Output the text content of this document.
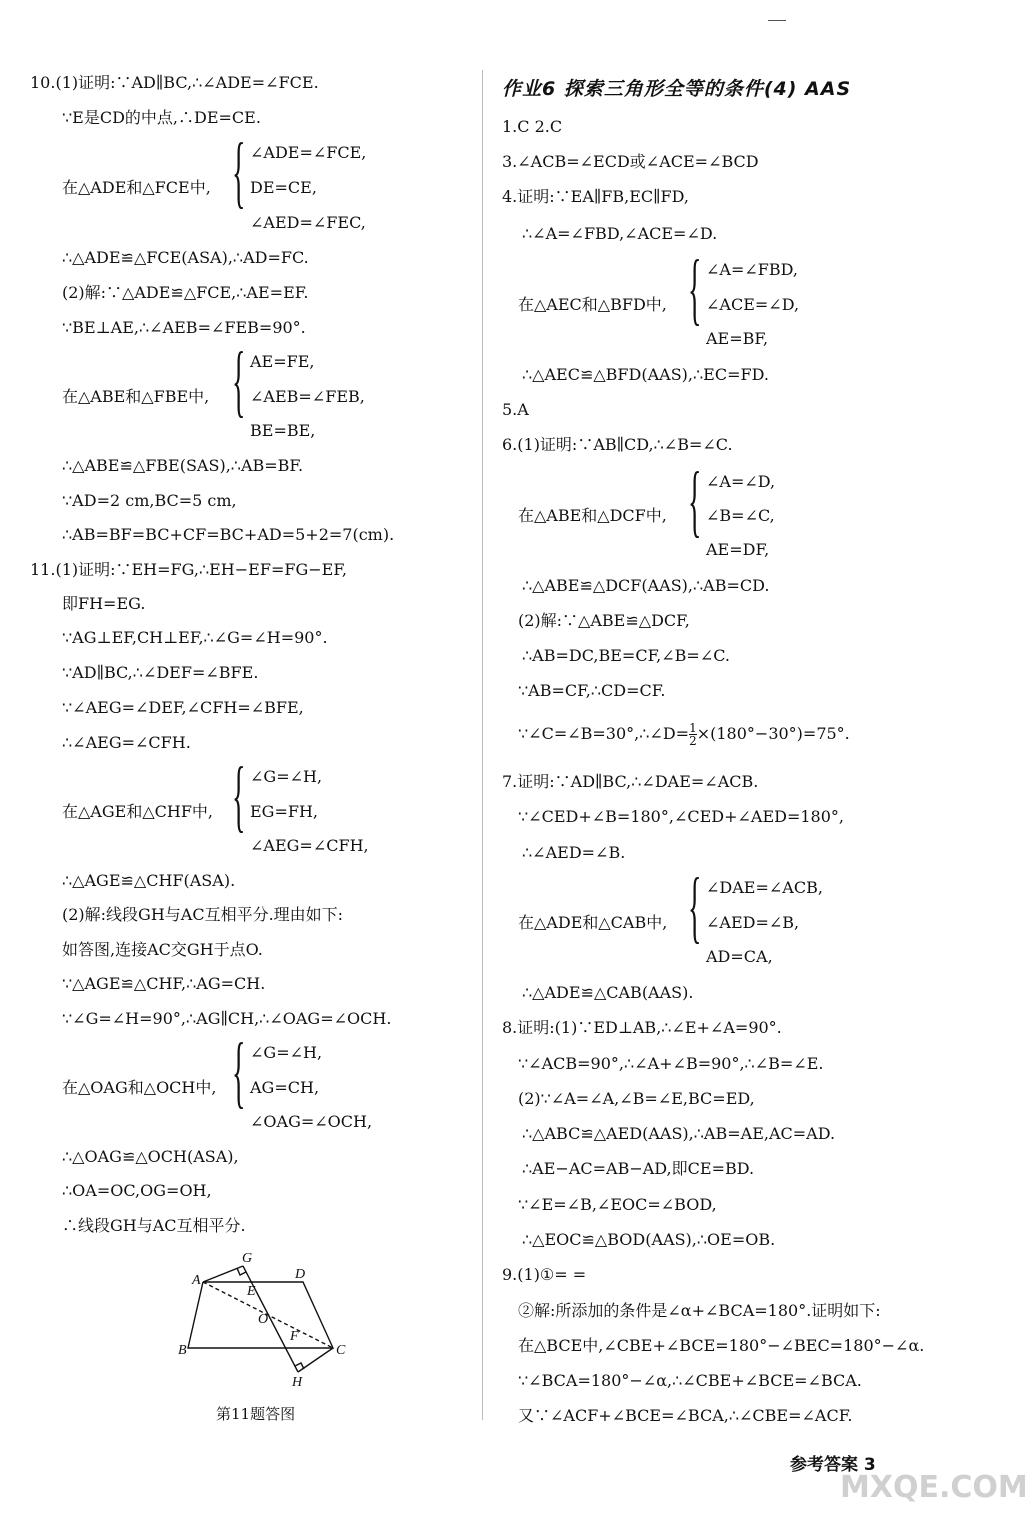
作业6 探索三角形全等的条件(4) AAS
10.(1)证明:∵AD∥BC,∴∠ADE=∠FCE.
∵E是CD的中点,∴DE=CE.
∠ADE=∠FCE,
在△ADE和△FCE中, DE=CE,
∠AED=∠FEC,
∴△ADE≌△FCE(ASA),∴AD=FC.
(2)解:∵△ADE≌△FCE,∴AE=EF.
∵BE⊥AE,∴∠AEB=∠FEB=90°.
AE=FE,
在△ABE和△FBE中,	∠AEB=∠FEB,
BE=BE,
∴△ABE≌△FBE(SAS),∴AB=BF.
∵AD=2 cm,BC=5 cm,
∴AB=BF=BC+CF=BC+AD=5+2=7(cm).
11.(1)证明:∵EH=FG,∴EH−EF=FG−EF,
即FH=EG.
∵AG⊥EF,CH⊥EF,∴∠G=∠H=90°.
∵AD∥BC,∴∠DEF=∠BFE.
∵∠AEG=∠DEF,∠CFH=∠BFE,
∴∠AEG=∠CFH.
∠G=∠H,
在△AGE和△CHF中, EG=FH,
∠AEG=∠CFH,
∴△AGE≌△CHF(ASA).
(2)解:线段GH与AC互相平分.理由如下:
如答图,连接AC交GH于点O.
∵△AGE≌△CHF,∴AG=CH.
∵∠G=∠H=90°,∴AG∥CH,∴∠OAG=∠OCH.
∠G=∠H,
在△OAG和△OCH中, AG=CH,
∠OAG=∠OCH,
∴△OAG≌△OCH(ASA),
∴OA=OC,OG=OH,
∴线段GH与AC互相平分.
{
{
{
{
1.C 2.C
3.∠ACB=∠ECD或∠ACE=∠BCD
4.证明:∵EA∥FB,EC∥FD,
∴∠A=∠FBD,∠ACE=∠D.
∠A=∠FBD,
在△AEC和△BFD中, ∠ACE=∠D,
AE=BF,
∴△AEC≌△BFD(AAS),∴EC=FD.
5.A
6.(1)证明:∵AB∥CD,∴∠B=∠C.
∠A=∠D,
在△ABE和△DCF中, ∠B=∠C,
AE=DF,
∴△ABE≌△DCF(AAS),∴AB=CD.
(2)解:∵△ABE≌△DCF,
∴AB=DC,BE=CF,∠B=∠C.
∵AB=CF,∴CD=CF.
7.证明:∵AD∥BC,∴∠DAE=∠ACB.
∵∠CED+∠B=180°,∠CED+∠AED=180°,
∴∠AED=∠B.
∠DAE=∠ACB,
在△ADE和△CAB中, ∠AED=∠B,
AD=CA,
∴△ADE≌△CAB(AAS).
8.证明:(1)∵ED⊥AB,∴∠E+∠A=90°.
∵∠ACB=90°,∴∠A+∠B=90°,∴∠B=∠E.
(2)∵∠A=∠A,∠B=∠E,BC=ED,
∴△ABC≌△AED(AAS),∴AB=AE,AC=AD.
∴AE−AC=AB−AD,即CE=BD.
∵∠E=∠B,∠EOC=∠BOD,
∴△EOC≌△BOD(AAS),∴OE=OB.
9.(1)①= =
②解:所添加的条件是∠α+∠BCA=180°.证明如下:
在△BCE中,∠CBE+∠BCE=180°−∠BEC=180°−∠α.
∵∠BCA=180°−∠α,∴∠CBE+∠BCE=∠BCA.
又∵∠ACF+∠BCE=∠BCA,∴∠CBE=∠ACF.
{
{
{
∵∠C=∠B=30°,∴∠D= $\frac{1}{2} \times(180^\circ-30^\circ)=75^\circ$.
A
G
D
E
O
F
B	C
H
第11题答图
参考答案 3
MXQE.COM
